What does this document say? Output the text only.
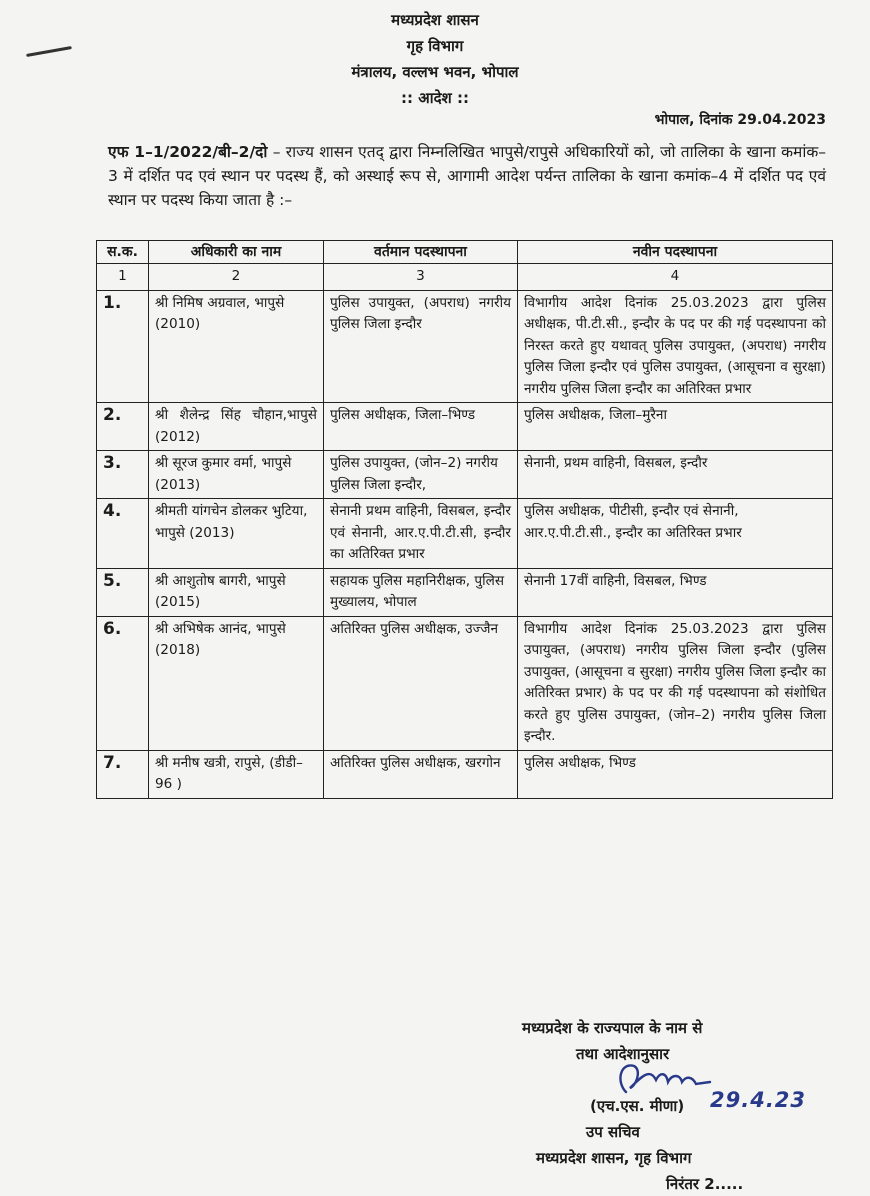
मध्यप्रदेश शासन
गृह विभाग
मंत्रालय, वल्लभ भवन, भोपाल
:: आदेश ::
भोपाल, दिनांक 29.04.2023
एफ 1–1/2022/बी–2/दो – राज्य शासन एतद् द्वारा निम्नलिखित भापुसे/रापुसे अधिकारियों को, जो तालिका के खाना कमांक–3 में दर्शित पद एवं स्थान पर पदस्थ हैं, को अस्थाई रूप से, आगामी आदेश पर्यन्त तालिका के खाना कमांक–4 में दर्शित पद एवं स्थान पर पदस्थ किया जाता है :–
स.क.	अधिकारी का नाम	वर्तमान पदस्थापना	नवीन पदस्थापना
1	2	3	4
1.	श्री निमिष अग्रवाल, भापुसे (2010)	पुलिस उपायुक्त, (अपराध) नगरीय पुलिस जिला इन्दौर	विभागीय आदेश दिनांक 25.03.2023 द्वारा पुलिस अधीक्षक, पी.टी.सी., इन्दौर के पद पर की गई पदस्थापना को निरस्त करते हुए यथावत् पुलिस उपायुक्त, (अपराध) नगरीय पुलिस जिला इन्दौर एवं पुलिस उपायुक्त, (आसूचना व सुरक्षा) नगरीय पुलिस जिला इन्दौर का अतिरिक्त प्रभार
2.	श्री शैलेन्द्र सिंह चौहान,भापुसे (2012)	पुलिस अधीक्षक, जिला–भिण्ड	पुलिस अधीक्षक, जिला–मुरैना
3.	श्री सूरज कुमार वर्मा, भापुसे (2013)	पुलिस उपायुक्त, (जोन–2) नगरीय पुलिस जिला इन्दौर,	सेनानी, प्रथम वाहिनी, विसबल, इन्दौर
4.	श्रीमती यांगचेन डोलकर भुटिया, भापुसे (2013)	सेनानी प्रथम वाहिनी, विसबल, इन्दौर एवं सेनानी, आर.ए.पी.टी.सी, इन्दौर का अतिरिक्त प्रभार	पुलिस अधीक्षक, पीटीसी, इन्दौर एवं सेनानी, आर.ए.पी.टी.सी., इन्दौर का अतिरिक्त प्रभार
5.	श्री आशुतोष बागरी, भापुसे (2015)	सहायक पुलिस महानिरीक्षक, पुलिस मुख्यालय, भोपाल	सेनानी 17वीं वाहिनी, विसबल, भिण्ड
6.	श्री अभिषेक आनंद, भापुसे (2018)	अतिरिक्त पुलिस अधीक्षक, उज्जैन	विभागीय आदेश दिनांक 25.03.2023 द्वारा पुलिस उपायुक्त, (अपराध) नगरीय पुलिस जिला इन्दौर (पुलिस उपायुक्त, (आसूचना व सुरक्षा) नगरीय पुलिस जिला इन्दौर का अतिरिक्त प्रभार) के पद पर की गई पदस्थापना को संशोधित करते हुए पुलिस उपायुक्त, (जोन–2) नगरीय पुलिस जिला इन्दौर.
7.	श्री मनीष खत्री, रापुसे, (डीडी–96 )	अतिरिक्त पुलिस अधीक्षक, खरगोन	पुलिस अधीक्षक, भिण्ड
मध्यप्रदेश के राज्यपाल के नाम से
तथा आदेशानुसार
(एच.एस. मीणा) 29.4.23
उप सचिव
मध्यप्रदेश शासन, गृह विभाग
निरंतर 2.....
